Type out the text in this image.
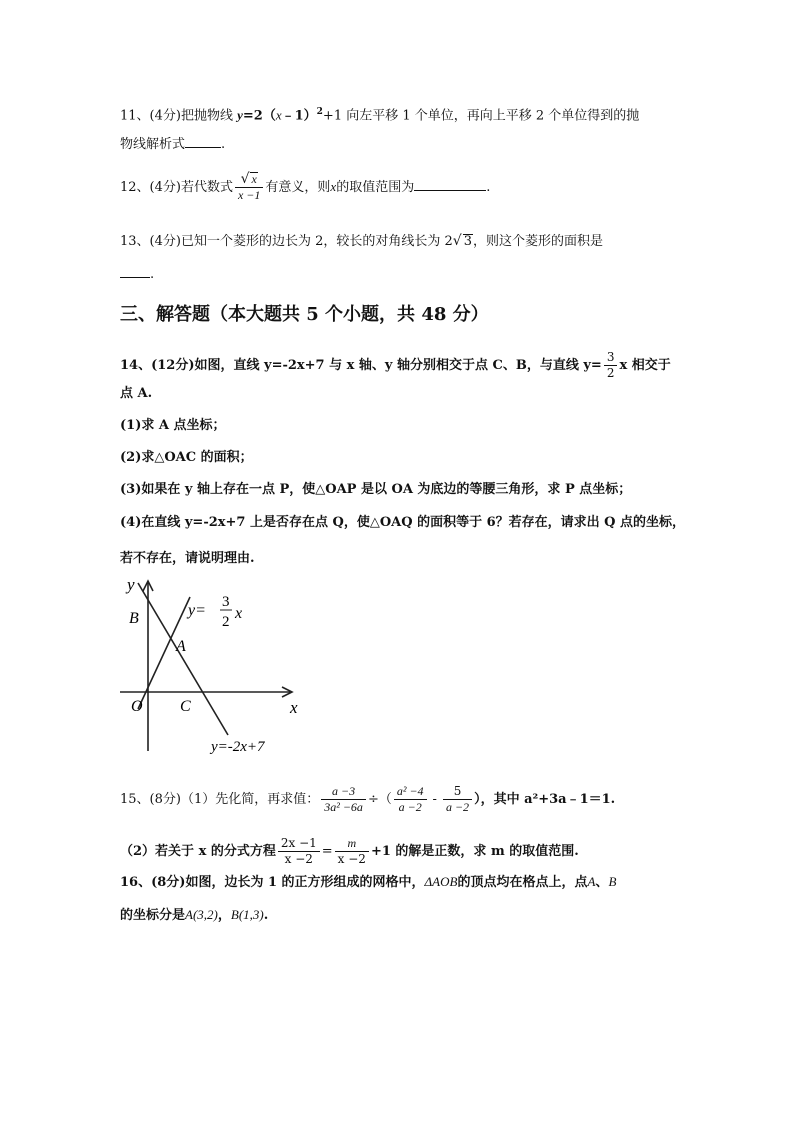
11、(4分)把抛物线 y=2（x﹣1）$^2$+1 向左平移 1 个单位，再向上平移 2 个单位得到的抛
物线解析式	.
12、(4分)若代数式 $\frac{√ x}{x -1}$ 有意义，则x的取值范围为	.
13、(4分)已知一个菱形的边长为 2，较长的对角线长为 2√ 3，则这个菱形的面积是
.
三、解答题（本大题共 5 个小题，共 48 分）
14、(12分)如图，直线 y=-2x+7 与 x 轴、y 轴分别相交于点 C、B，与直线 $y= \frac{3}{2}$ x 相交于
点 A.
(1)求 A 点坐标；
(2)求△OAC 的面积；
(3)如果在 y 轴上存在一点 P，使△OAP 是以 OA 为底边的等腰三角形，求 P 点坐标；
(4)在直线 y=-2x+7 上是否存在点 Q，使△OAQ 的面积等于 6？若存在，请求出 Q 点的坐标，
若不存在，请说明理由.
y
x
B
A
O C
y= 3
2 x
y=-2x+7
15、(8分)（1）先化简，再求值： $\frac{a -3}{\text{3a² −6a}}$ ÷（ $\frac{\text{a² −4}}{a -2} - \frac{5}{a -2}$ ），其中 a²+3a﹣1＝1.
（2）若关于 x 的分式方程 $\frac{2x -1}{x -2} = \frac{m}{x -2} +1$ 的解是正数，求 m 的取值范围.
16、(8分)如图，边长为 1 的正方形组成的网格中，ΔAOB的顶点均在格点上，点A、B
的坐标分是A(3,2)，B(1,3).
